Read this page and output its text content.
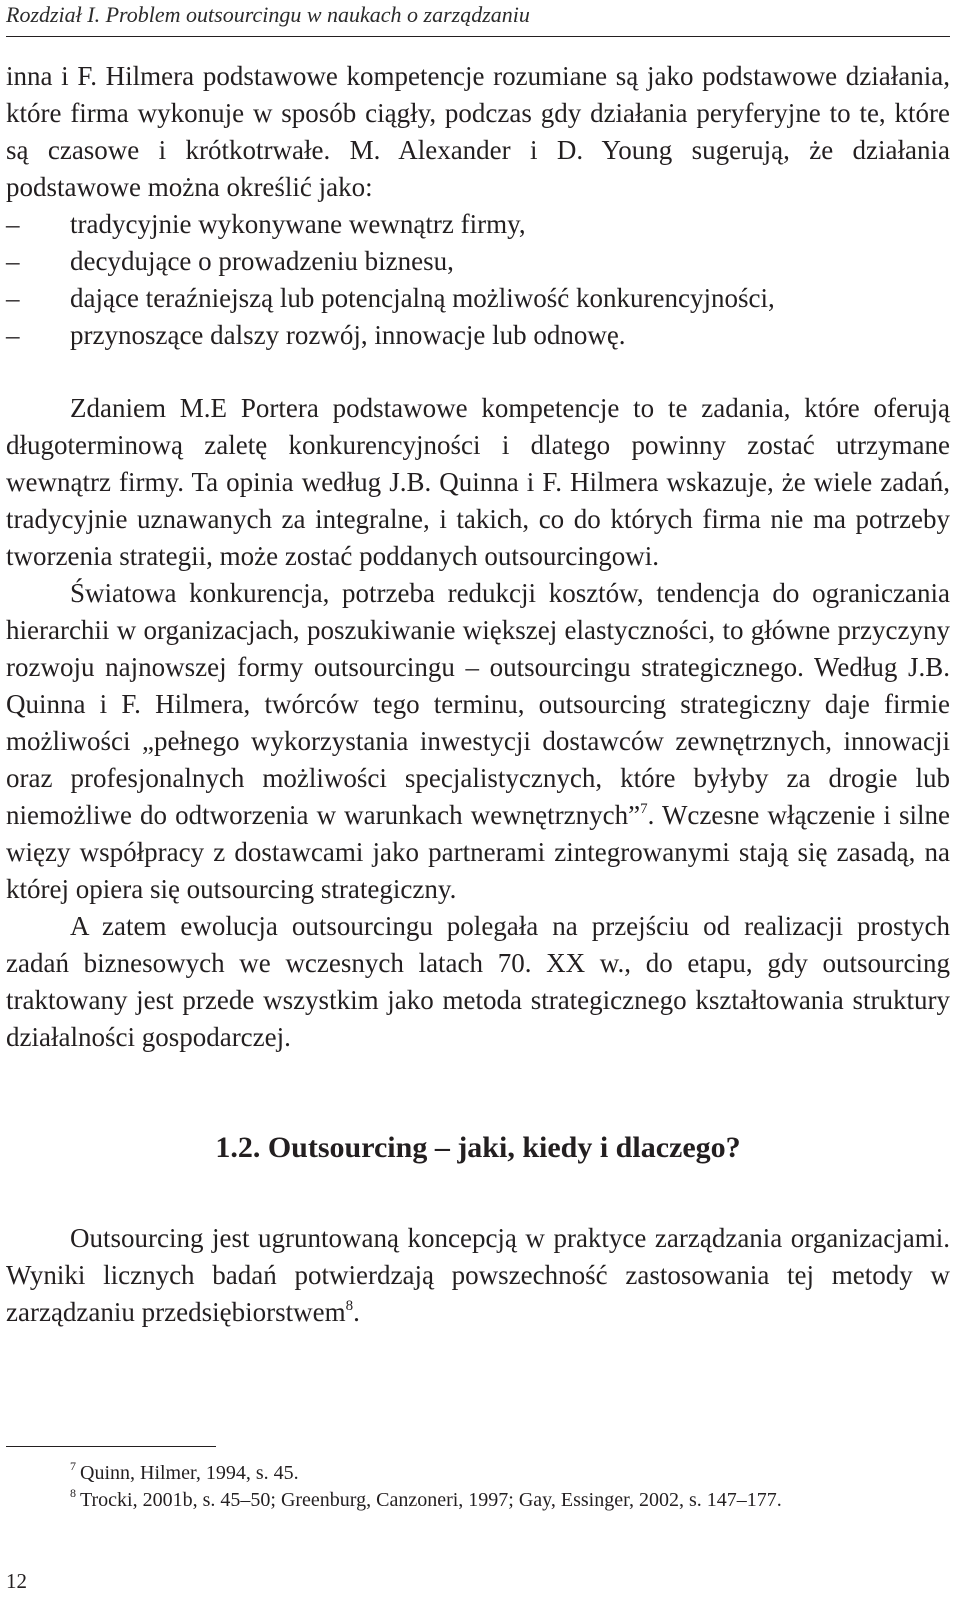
Rozdział I. Problem outsourcingu w naukach o zarządzaniu

inna i F. Hilmera podstawowe kompetencje rozumiane są jako podstawowe działania, które firma wykonuje w sposób ciągły, podczas gdy działania peryferyjne to te, które są czasowe i krótkotrwałe. M. Alexander i D. Young sugerują, że działania podstawowe można określić jako:

– tradycyjnie wykonywane wewnątrz firmy,
– decydujące o prowadzeniu biznesu,
– dające teraźniejszą lub potencjalną możliwość konkurencyjności,
– przynoszące dalszy rozwój, innowacje lub odnowę.

Zdaniem M.E Portera podstawowe kompetencje to te zadania, które oferują długoterminową zaletę konkurencyjności i dlatego powinny zostać utrzymane wewnątrz firmy. Ta opinia według J.B. Quinna i F. Hilmera wskazuje, że wiele zadań, tradycyjnie uznawanych za integralne, i takich, co do których firma nie ma potrzeby tworzenia strategii, może zostać poddanych outsourcingowi.

Światowa konkurencja, potrzeba redukcji kosztów, tendencja do ograniczania hierarchii w organizacjach, poszukiwanie większej elastyczności, to główne przyczyny rozwoju najnowszej formy outsourcingu – outsourcingu strategicznego. Według J.B. Quinna i F. Hilmera, twórców tego terminu, outsourcing strategiczny daje firmie możliwości „pełnego wykorzystania inwestycji dostawców zewnętrznych, innowacji oraz profesjonalnych możliwości specjalistycznych, które byłyby za drogie lub niemożliwe do odtworzenia w warunkach wewnętrznych”$^7$. Wczesne włączenie i silne więzy współpracy z dostawcami jako partnerami zintegrowanymi stają się zasadą, na której opiera się outsourcing strategiczny.

A zatem ewolucja outsourcingu polegała na przejściu od realizacji prostych zadań biznesowych we wczesnych latach 70. XX w., do etapu, gdy outsourcing traktowany jest przede wszystkim jako metoda strategicznego kształtowania struktury działalności gospodarczej.

1.2. Outsourcing – jaki, kiedy i dlaczego?

Outsourcing jest ugruntowaną koncepcją w praktyce zarządzania organizacjami. Wyniki licznych badań potwierdzają powszechność zastosowania tej metody w zarządzaniu przedsiębiorstwem$^8$.

$^7$ Quinn, Hilmer, 1994, s. 45.

$^8$ Trocki, 2001b, s. 45–50; Greenburg, Canzoneri, 1997; Gay, Essinger, 2002, s. 147–177.

12
